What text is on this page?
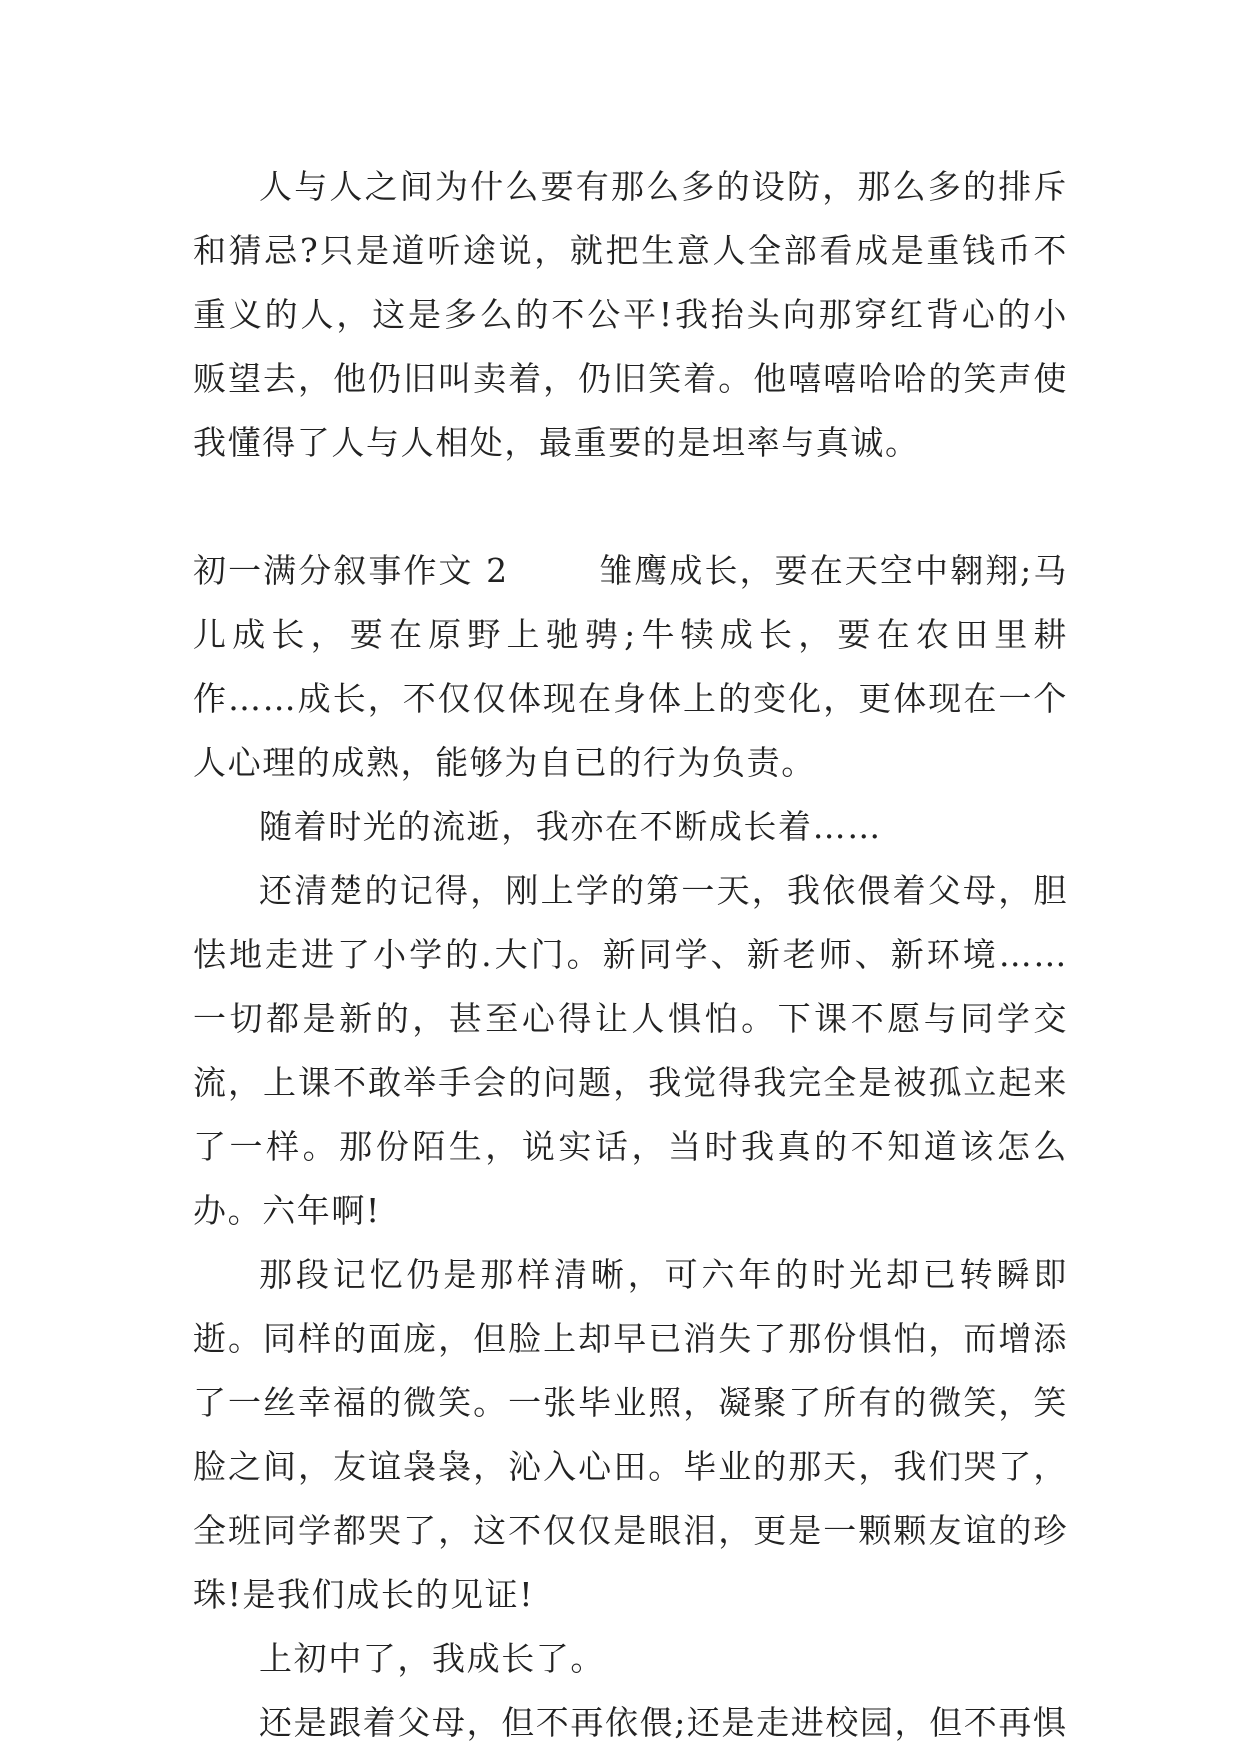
人与人之间为什么要有那么多的设防，那么多的排斥和猜忌?只是道听途说，就把生意人全部看成是重钱币不重义的人，这是多么的不公平!我抬头向那穿红背心的小贩望去，他仍旧叫卖着，仍旧笑着。他嘻嘻哈哈的笑声使我懂得了人与人相处，最重要的是坦率与真诚。

初一满分叙事作文 2	雏鹰成长，要在天空中翱翔;马儿成长，要在原野上驰骋;牛犊成长，要在农田里耕作……成长，不仅仅体现在身体上的变化，更体现在一个人心理的成熟，能够为自已的行为负责。

随着时光的流逝，我亦在不断成长着……

还清楚的记得，刚上学的第一天，我依偎着父母，胆怯地走进了小学的.大门。新同学、新老师、新环境……一切都是新的，甚至心得让人惧怕。下课不愿与同学交流，上课不敢举手会的问题，我觉得我完全是被孤立起来了一样。那份陌生，说实话，当时我真的不知道该怎么办。六年啊!

那段记忆仍是那样清晰，可六年的时光却已转瞬即逝。同样的面庞，但脸上却早已消失了那份惧怕，而增添了一丝幸福的微笑。一张毕业照，凝聚了所有的微笑，笑脸之间，友谊袅袅，沁入心田。毕业的那天，我们哭了，全班同学都哭了，这不仅仅是眼泪，更是一颗颗友谊的珍珠!是我们成长的见证!

上初中了，我成长了。

还是跟着父母，但不再依偎;还是走进校园，但不再惧
